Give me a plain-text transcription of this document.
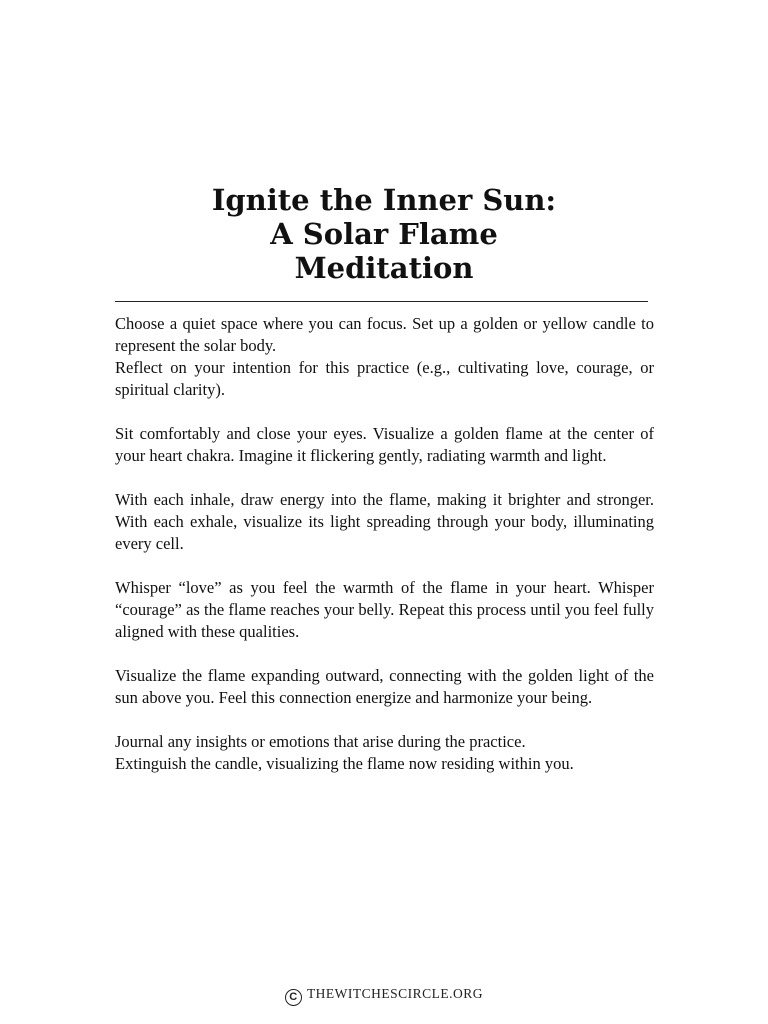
Ignite the Inner Sun:
A Solar Flame
Meditation

Choose a quiet space where you can focus. Set up a golden or yellow candle to represent the solar body.
Reflect on your intention for this practice (e.g., cultivating love, courage, or spiritual clarity).

Sit comfortably and close your eyes. Visualize a golden flame at the center of your heart chakra. Imagine it flickering gently, radiating warmth and light.

With each inhale, draw energy into the flame, making it brighter and stronger. With each exhale, visualize its light spreading through your body, illuminating every cell.

Whisper “love” as you feel the warmth of the flame in your heart. Whisper “courage” as the flame reaches your belly. Repeat this process until you feel fully aligned with these qualities.

Visualize the flame expanding outward, connecting with the golden light of the sun above you. Feel this connection energize and harmonize your being.

Journal any insights or emotions that arise during the practice.
Extinguish the candle, visualizing the flame now residing within you.

C THEWITCHESCIRCLE.ORG
